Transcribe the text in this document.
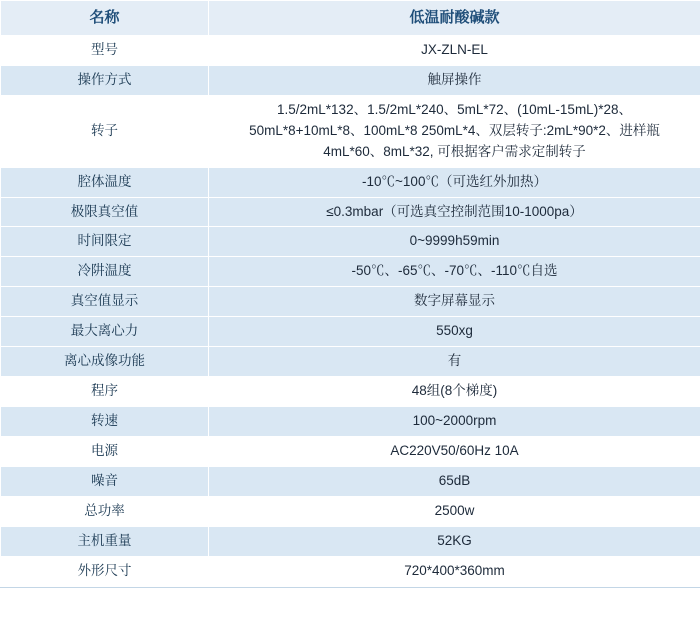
名称	低温耐酸碱款
型号	JX-ZLN-EL
操作方式	触屏操作
转子	1.5/2mL*132、1.5/2mL*240、5mL*72、(10mL-15mL)*28、
50mL*8+10mL*8、100mL*8 250mL*4、双层转子:2mL*90*2、进样瓶
4mL*60、8mL*32, 可根据客户需求定制转子

腔体温度	-10℃~100℃（可选红外加热）
极限真空值	≤0.3mbar（可选真空控制范围10-1000pa）
时间限定	0~9999h59min
冷阱温度	-50℃、-65℃、-70℃、-110℃自选
真空值显示	数字屏幕显示
最大离心力	550xg
离心成像功能	有
程序	48组(8个梯度)
转速	100~2000rpm
电源	AC220V50/60Hz 10A
噪音	65dB
总功率	2500w
主机重量	52KG
外形尺寸	720*400*360mm
